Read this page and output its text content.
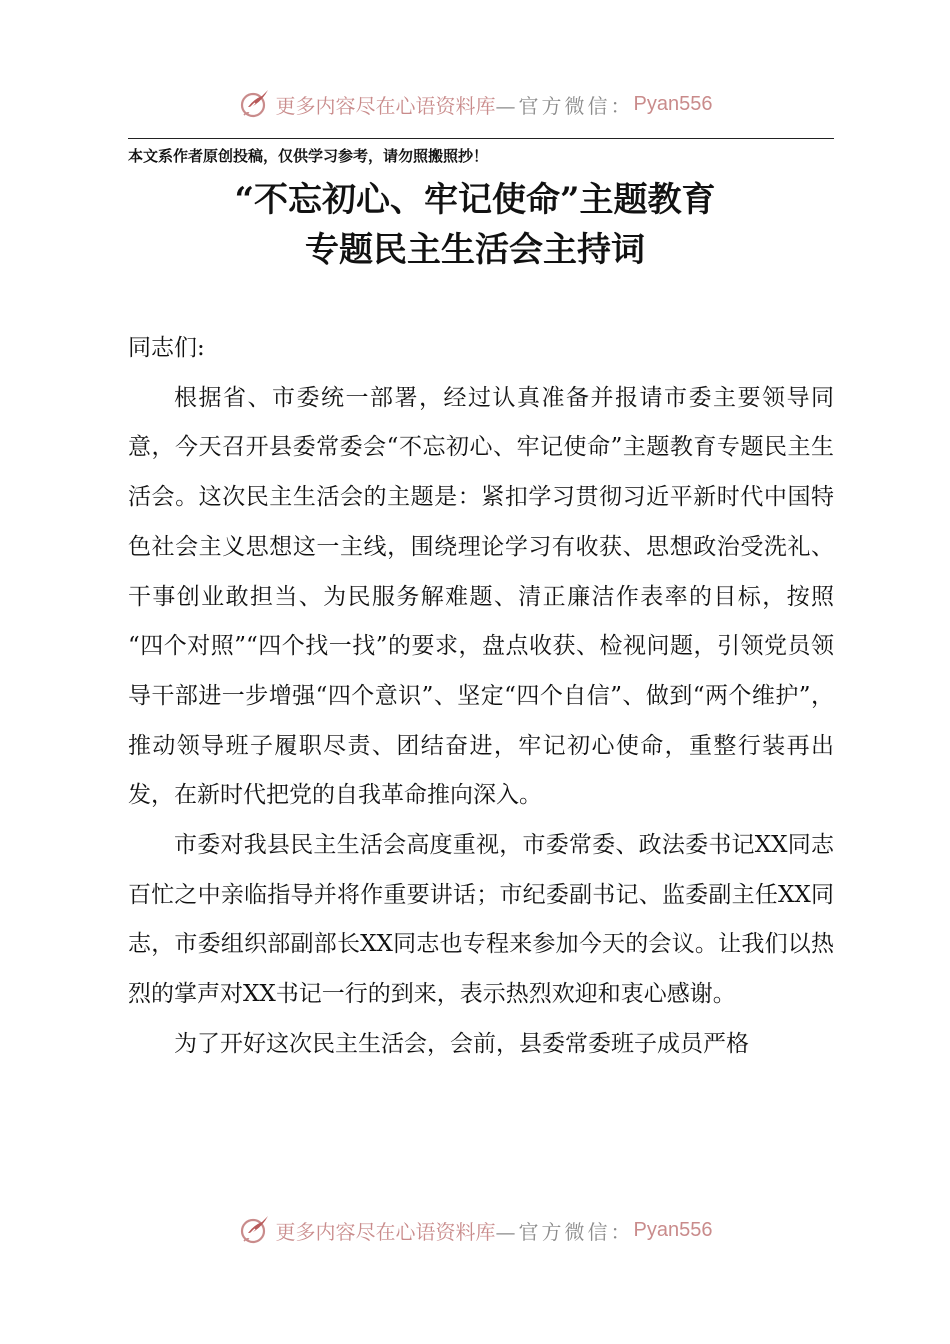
更多内容尽在心语资料库 —官方微信： Pyan556
本文系作者原创投稿，仅供学习参考，请勿照搬照抄！
“不忘初心、牢记使命”主题教育
专题民主生活会主持词

同志们:

根据省、市委统一部署，经过认真准备并报请市委主要领导同意，今天召开县委常委会“不忘初心、牢记使命”主题教育专题民主生活会。这次民主生活会的主题是：紧扣学习贯彻习近平新时代中国特色社会主义思想这一主线，围绕理论学习有收获、思想政治受洗礼、干事创业敢担当、为民服务解难题、清正廉洁作表率的目标，按照 “四个对照”“四个找一找”的要求，盘点收获、检视问题，引领党员领导干部进一步增强“四个意识”、坚定“四个自信”、做到“两个维护”，推动领导班子履职尽责、团结奋进，牢记初心使命，重整行装再出发，在新时代把党的自我革命推向深入。

市委对我县民主生活会高度重视，市委常委、政法委书记XX同志百忙之中亲临指导并将作重要讲话；市纪委副书记、监委副主任XX同志，市委组织部副部长XX同志也专程来参加今天的会议。让我们以热烈的掌声对XX书记一行的到来，表示热烈欢迎和衷心感谢。

为了开好这次民主生活会，会前，县委常委班子成员严格

更多内容尽在心语资料库 —官方微信： Pyan556
